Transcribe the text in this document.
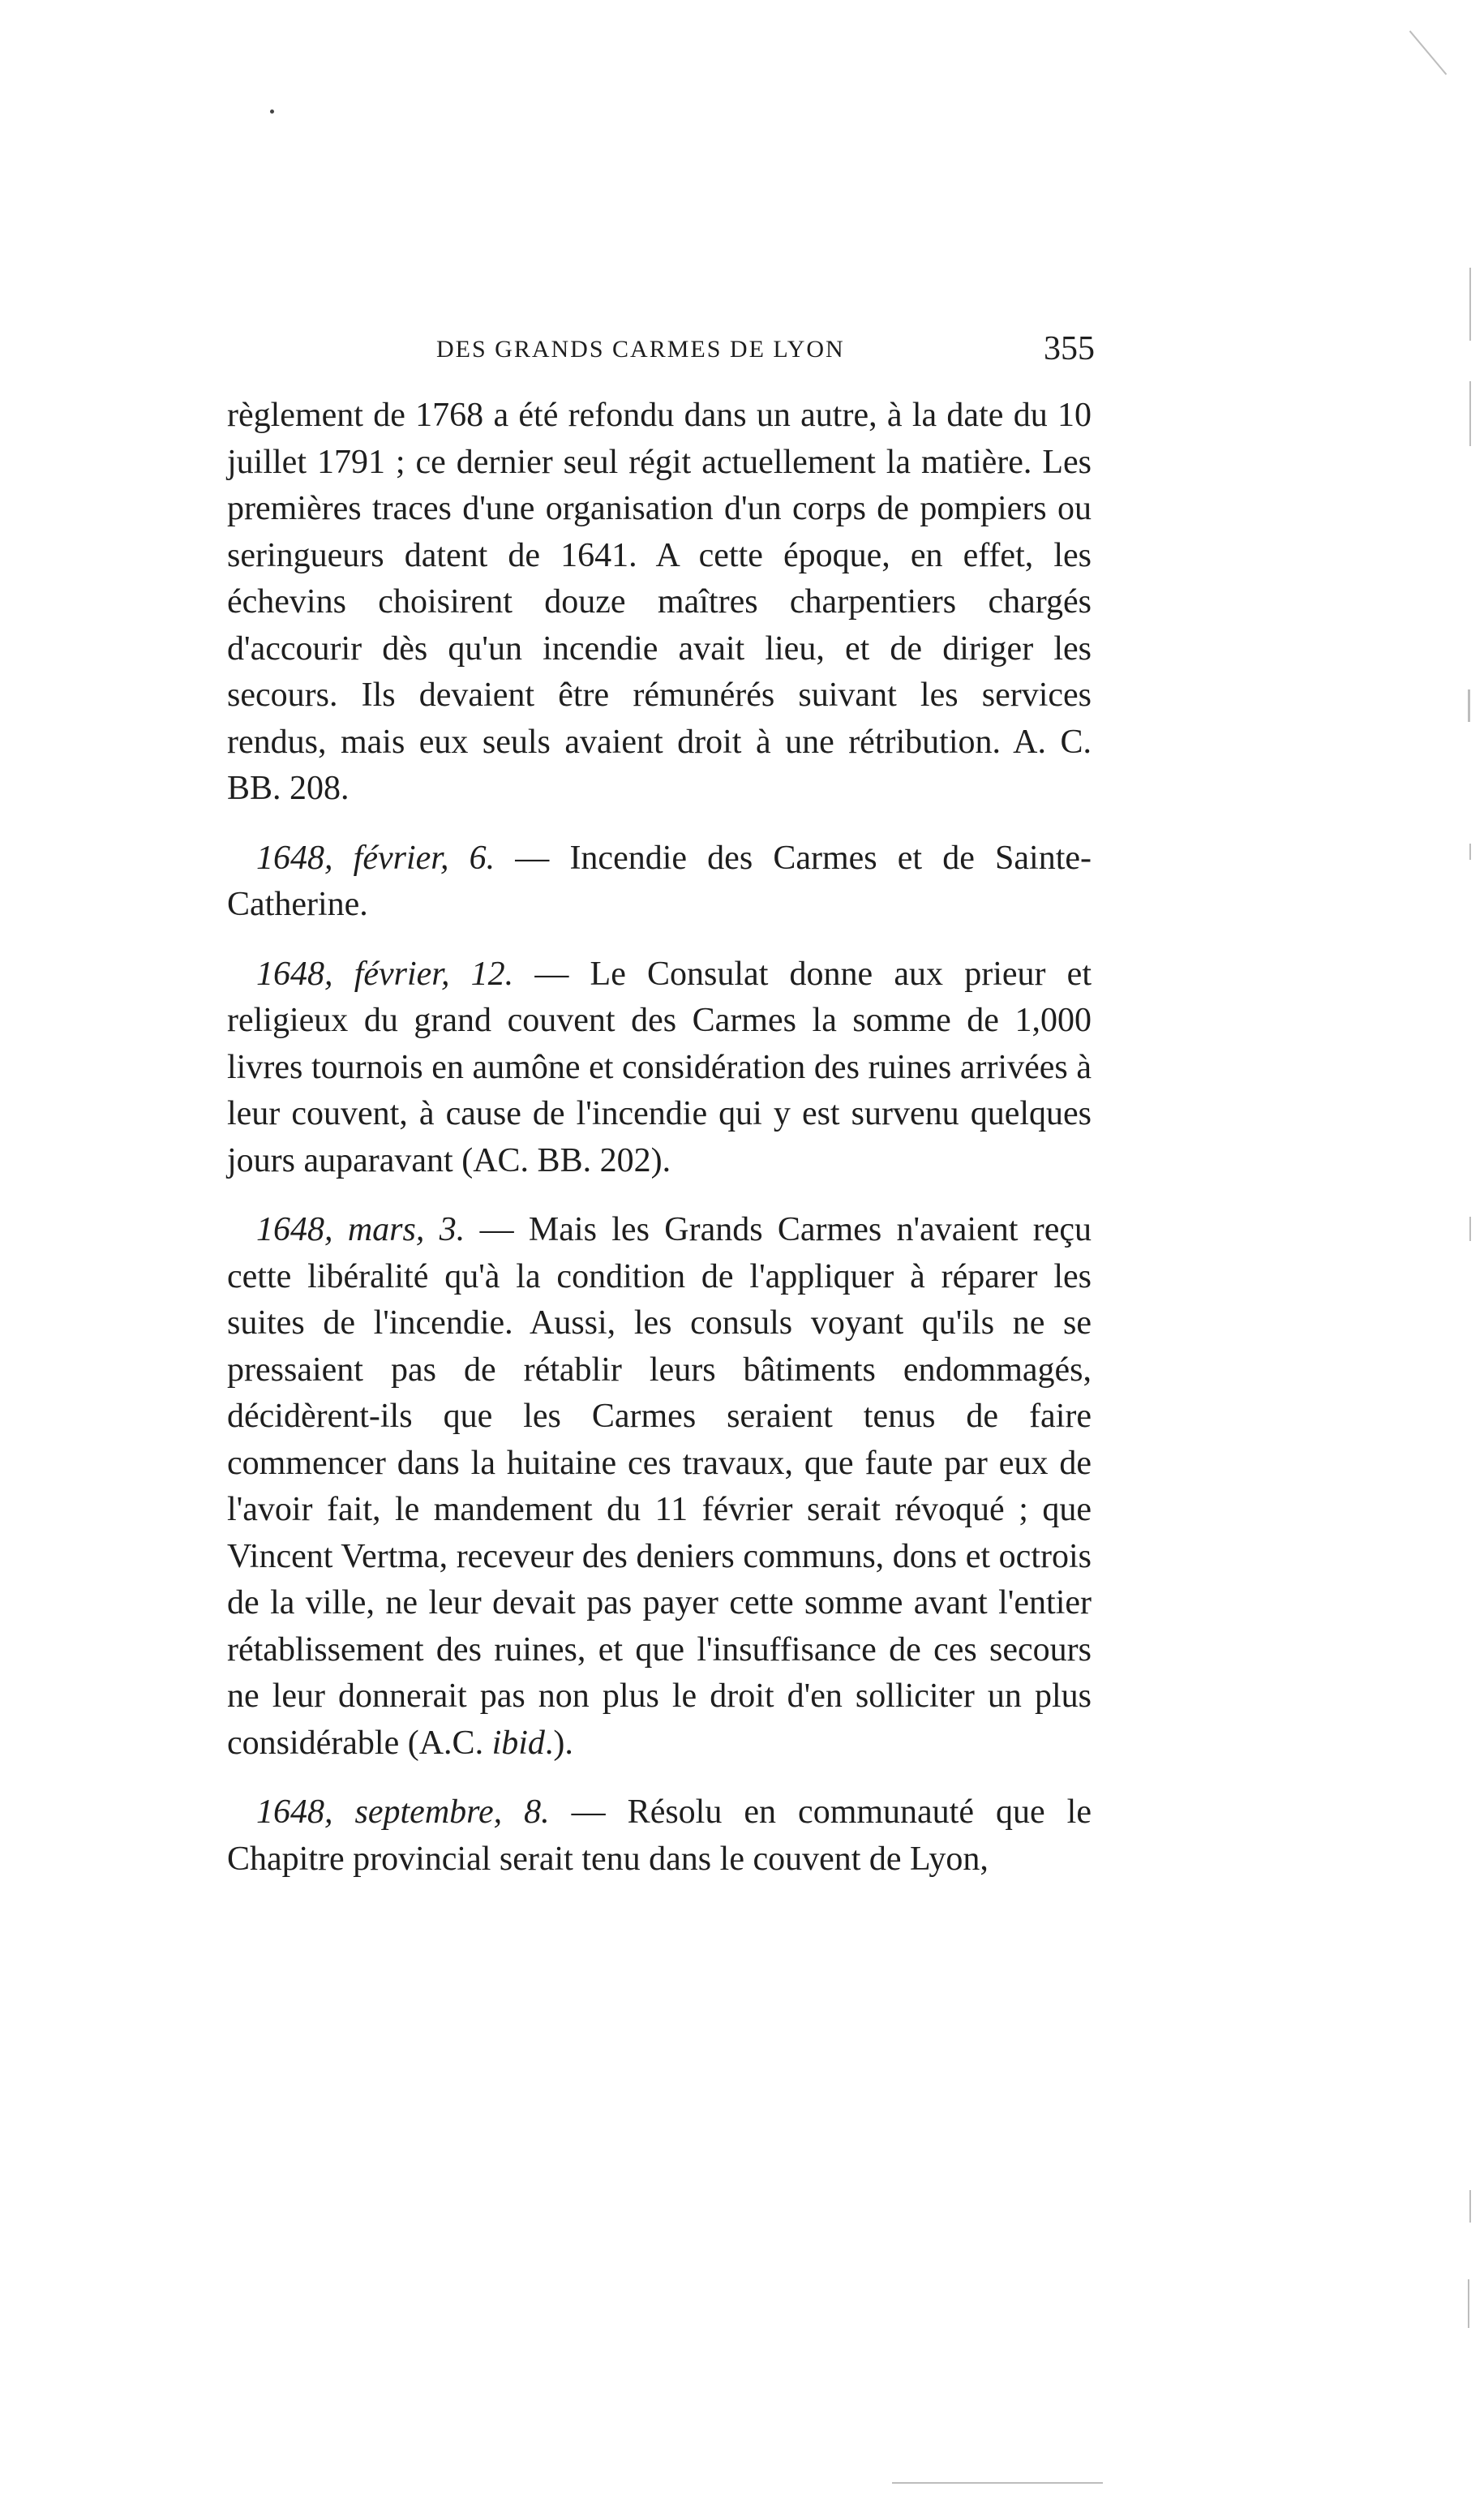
DES GRANDS CARMES DE LYON	355

règlement de 1768 a été refondu dans un autre, à la date du 10 juillet 1791 ; ce dernier seul régit actuellement la matière. Les premières traces d'une organisation d'un corps de pompiers ou seringueurs datent de 1641. A cette époque, en effet, les échevins choisirent douze maîtres charpentiers chargés d'accourir dès qu'un incendie avait lieu, et de diriger les secours. Ils devaient être rémunérés suivant les services rendus, mais eux seuls avaient droit à une rétribution. A. C. BB. 208.

1648, février, 6. — Incendie des Carmes et de Sainte-Catherine.

1648, février, 12. — Le Consulat donne aux prieur et religieux du grand couvent des Carmes la somme de 1,000 livres tournois en aumône et considération des ruines arrivées à leur couvent, à cause de l'incendie qui y est survenu quelques jours auparavant (AC. BB. 202).

1648, mars, 3. — Mais les Grands Carmes n'avaient reçu cette libéralité qu'à la condition de l'appliquer à réparer les suites de l'incendie. Aussi, les consuls voyant qu'ils ne se pressaient pas de rétablir leurs bâtiments endommagés, décidèrent-ils que les Carmes seraient tenus de faire commencer dans la huitaine ces travaux, que faute par eux de l'avoir fait, le mandement du 11 février serait révoqué ; que Vincent Vertma, receveur des deniers communs, dons et octrois de la ville, ne leur devait pas payer cette somme avant l'entier rétablissement des ruines, et que l'insuffisance de ces secours ne leur donnerait pas non plus le droit d'en solliciter un plus considérable (A.C. ibid.).

1648, septembre, 8. — Résolu en communauté que le Chapitre provincial serait tenu dans le couvent de Lyon,
